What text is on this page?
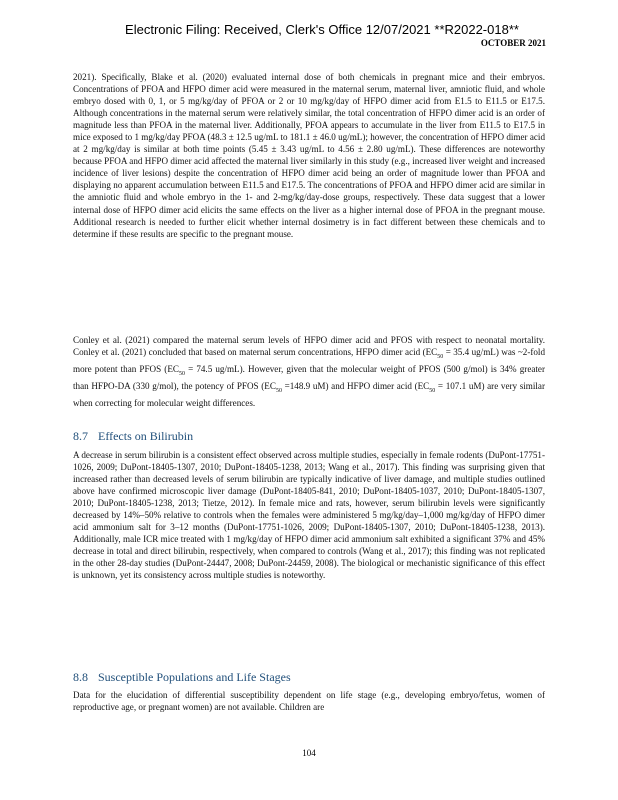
Electronic Filing: Received, Clerk's Office 12/07/2021 **R2022-018**
OCTOBER 2021
2021). Specifically, Blake et al. (2020) evaluated internal dose of both chemicals in pregnant mice and their embryos. Concentrations of PFOA and HFPO dimer acid were measured in the maternal serum, maternal liver, amniotic fluid, and whole embryo dosed with 0, 1, or 5 mg/kg/day of PFOA or 2 or 10 mg/kg/day of HFPO dimer acid from E1.5 to E11.5 or E17.5. Although concentrations in the maternal serum were relatively similar, the total concentration of HFPO dimer acid is an order of magnitude less than PFOA in the maternal liver. Additionally, PFOA appears to accumulate in the liver from E11.5 to E17.5 in mice exposed to 1 mg/kg/day PFOA (48.3 ± 12.5 ug/mL to 181.1 ± 46.0 ug/mL); however, the concentration of HFPO dimer acid at 2 mg/kg/day is similar at both time points (5.45 ± 3.43 ug/mL to 4.56 ± 2.80 ug/mL). These differences are noteworthy because PFOA and HFPO dimer acid affected the maternal liver similarly in this study (e.g., increased liver weight and increased incidence of liver lesions) despite the concentration of HFPO dimer acid being an order of magnitude lower than PFOA and displaying no apparent accumulation between E11.5 and E17.5. The concentrations of PFOA and HFPO dimer acid are similar in the amniotic fluid and whole embryo in the 1- and 2-mg/kg/day-dose groups, respectively. These data suggest that a lower internal dose of HFPO dimer acid elicits the same effects on the liver as a higher internal dose of PFOA in the pregnant mouse. Additional research is needed to further elicit whether internal dosimetry is in fact different between these chemicals and to determine if these results are specific to the pregnant mouse.
Conley et al. (2021) compared the maternal serum levels of HFPO dimer acid and PFOS with respect to neonatal mortality. Conley et al. (2021) concluded that based on maternal serum concentrations, HFPO dimer acid ($EC_{50} = 35.4$ ug/mL) was ~2-fold more potent than PFOS ($EC_{50} = 74.5$ ug/mL). However, given that the molecular weight of PFOS (500 g/mol) is 34% greater than HFPO-DA (330 g/mol), the potency of PFOS ($EC_{50} =148.9$ uM) and HFPO dimer acid ($EC_{50} = 107.1$ uM) are very similar when correcting for molecular weight differences.
8.7 Effects on Bilirubin
A decrease in serum bilirubin is a consistent effect observed across multiple studies, especially in female rodents (DuPont-17751-1026, 2009; DuPont-18405-1307, 2010; DuPont-18405-1238, 2013; Wang et al., 2017). This finding was surprising given that increased rather than decreased levels of serum bilirubin are typically indicative of liver damage, and multiple studies outlined above have confirmed microscopic liver damage (DuPont-18405-841, 2010; DuPont-18405-1037, 2010; DuPont-18405-1307, 2010; DuPont-18405-1238, 2013; Tietze, 2012). In female mice and rats, however, serum bilirubin levels were significantly decreased by 14%–50% relative to controls when the females were administered 5 mg/kg/day–1,000 mg/kg/day of HFPO dimer acid ammonium salt for 3–12 months (DuPont-17751-1026, 2009; DuPont-18405-1307, 2010; DuPont-18405-1238, 2013). Additionally, male ICR mice treated with 1 mg/kg/day of HFPO dimer acid ammonium salt exhibited a significant 37% and 45% decrease in total and direct bilirubin, respectively, when compared to controls (Wang et al., 2017); this finding was not replicated in the other 28-day studies (DuPont-24447, 2008; DuPont-24459, 2008). The biological or mechanistic significance of this effect is unknown, yet its consistency across multiple studies is noteworthy.
8.8 Susceptible Populations and Life Stages
Data for the elucidation of differential susceptibility dependent on life stage (e.g., developing embryo/fetus, women of reproductive age, or pregnant women) are not available. Children are
104
